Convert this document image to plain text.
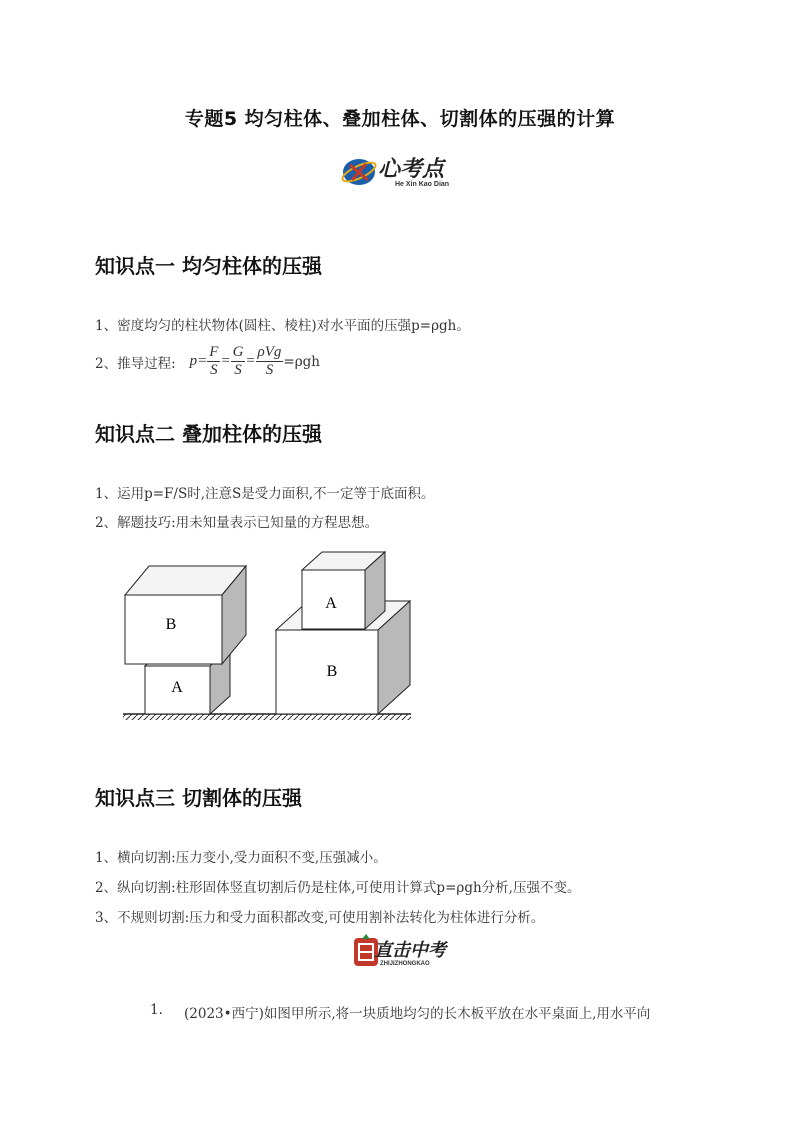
专题5 均匀柱体、叠加柱体、切割体的压强的计算
心考点
He Xin Kao Dian
知识点一 均匀柱体的压强
1、密度均匀的柱状物体(圆柱、棱柱)对水平面的压强p=ρgh。
2、推导过程: $p = \frac{F}{S} = \frac{G}{S} = \frac{\text{ρVg}}{S} =\rho gh$
知识点二 叠加柱体的压强
1、运用p=F/S时,注意S是受力面积,不一定等于底面积。
2、解题技巧:用未知量表示已知量的方程思想。
A
B
B
A
知识点三 切割体的压强
1、横向切割:压力变小,受力面积不变,压强减小。
2、纵向切割:柱形固体竖直切割后仍是柱体,可使用计算式p=ρgh分析,压强不变。
3、不规则切割:压力和受力面积都改变,可使用割补法转化为柱体进行分析。
直击中考
ZHIJIZHONGKAO
1.	(2023•西宁)如图甲所示,将一块质地均匀的长木板平放在水平桌面上,用水平向
